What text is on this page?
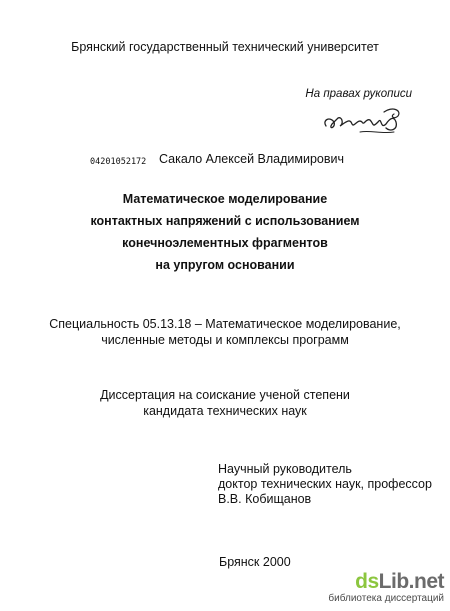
Брянский государственный технический университет
На правах рукописи
04201052172 Сакало Алексей Владимирович
Математическое моделирование
контактных напряжений с использованием
конечноэлементных фрагментов
на упругом основании
Специальность 05.13.18 – Математическое моделирование,
численные методы и комплексы программ
Диссертация на соискание ученой степени
кандидата технических наук
Научный руководитель
доктор технических наук, профессор
В.В. Кобищанов
Брянск 2000
dsLib.net
библиотека диссертаций
